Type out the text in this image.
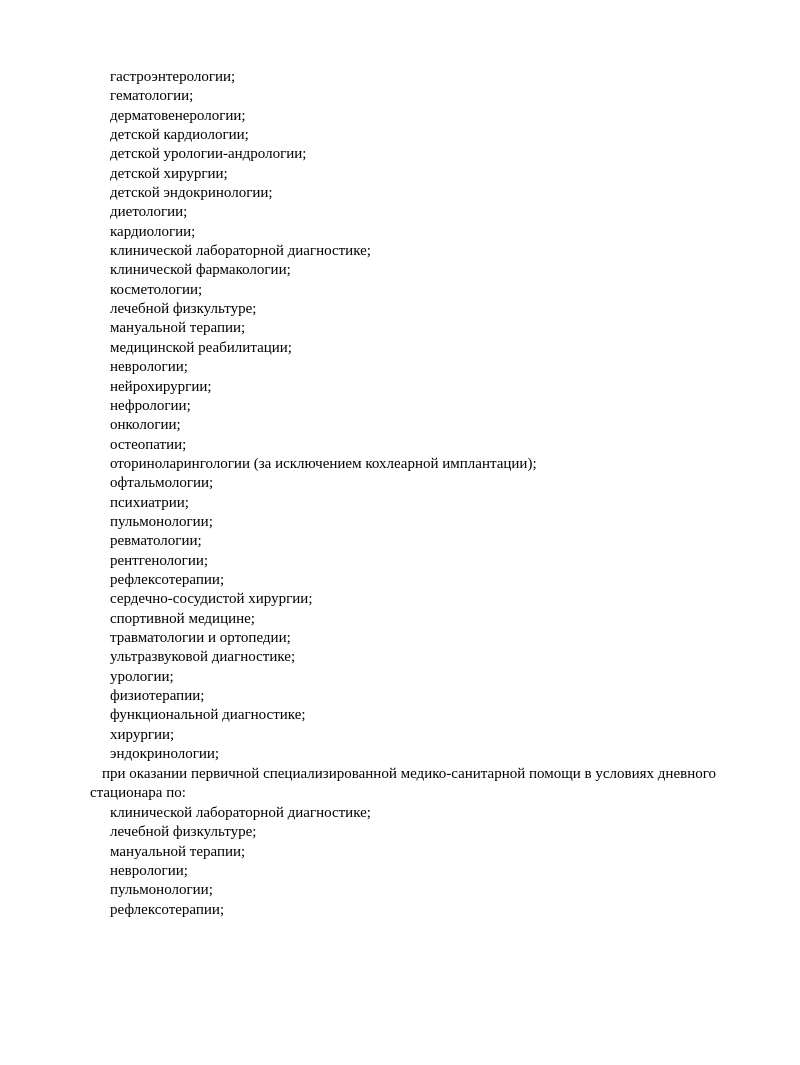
гастроэнтерологии;
гематологии;
дерматовенерологии;
детской кардиологии;
детской урологии-андрологии;
детской хирургии;
детской эндокринологии;
диетологии;
кардиологии;
клинической лабораторной диагностике;
клинической фармакологии;
косметологии;
лечебной физкультуре;
мануальной терапии;
медицинской реабилитации;
неврологии;
нейрохирургии;
нефрологии;
онкологии;
остеопатии;
оториноларингологии (за исключением кохлеарной имплантации);
офтальмологии;
психиатрии;
пульмонологии;
ревматологии;
рентгенологии;
рефлексотерапии;
сердечно-сосудистой хирургии;
спортивной медицине;
травматологии и ортопедии;
ультразвуковой диагностике;
урологии;
физиотерапии;
функциональной диагностике;
хирургии;
эндокринологии;

при оказании первичной специализированной медико-санитарной помощи в условиях дневного стационара по:

клинической лабораторной диагностике;
лечебной физкультуре;
мануальной терапии;
неврологии;
пульмонологии;
рефлексотерапии;
